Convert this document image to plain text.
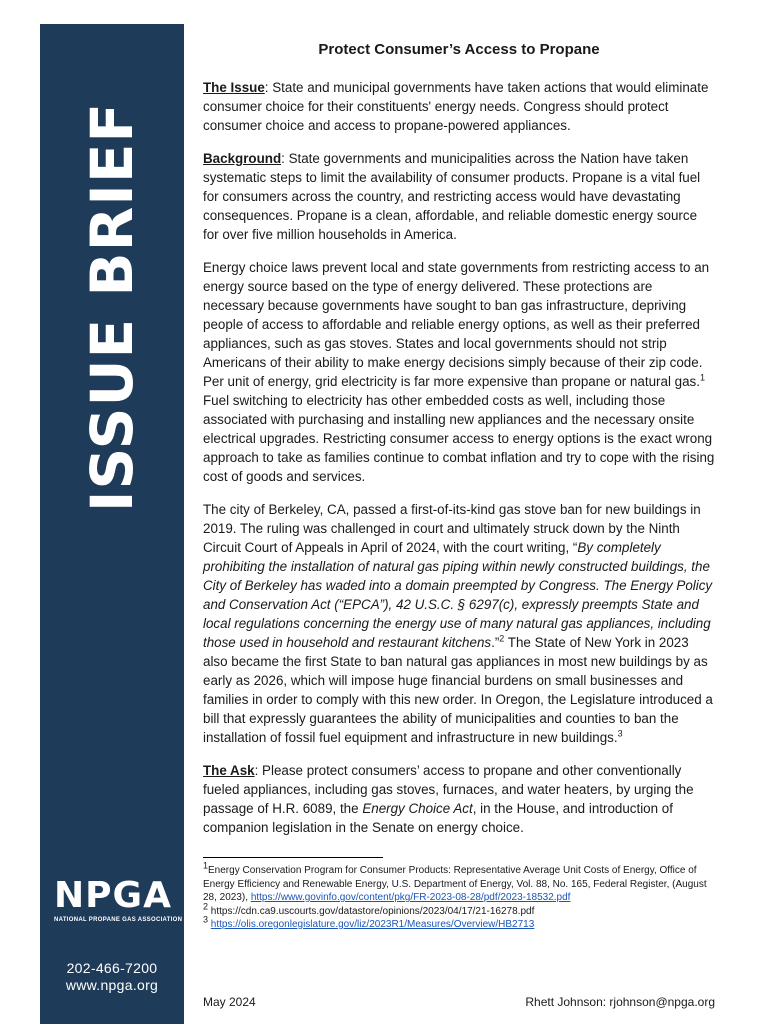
ISSUE BRIEF
NPGA
NATIONAL PROPANE GAS ASSOCIATION
202-466-7200
www.npga.org
Protect Consumer’s Access to Propane

The Issue: State and municipal governments have taken actions that would eliminate consumer choice for their constituents' energy needs. Congress should protect consumer choice and access to propane-powered appliances.

Background: State governments and municipalities across the Nation have taken systematic steps to limit the availability of consumer products. Propane is a vital fuel for consumers across the country, and restricting access would have devastating consequences. Propane is a clean, affordable, and reliable domestic energy source for over five million households in America.

Energy choice laws prevent local and state governments from restricting access to an energy source based on the type of energy delivered. These protections are necessary because governments have sought to ban gas infrastructure, depriving people of access to affordable and reliable energy options, as well as their preferred appliances, such as gas stoves. States and local governments should not strip Americans of their ability to make energy decisions simply because of their zip code. Per unit of energy, grid electricity is far more expensive than propane or natural gas.$^1$ Fuel switching to electricity has other embedded costs as well, including those associated with purchasing and installing new appliances and the necessary onsite electrical upgrades. Restricting consumer access to energy options is the exact wrong approach to take as families continue to combat inflation and try to cope with the rising cost of goods and services.

The city of Berkeley, CA, passed a first-of-its-kind gas stove ban for new buildings in 2019. The ruling was challenged in court and ultimately struck down by the Ninth Circuit Court of Appeals in April of 2024, with the court writing, “By completely prohibiting the installation of natural gas piping within newly constructed buildings, the City of Berkeley has waded into a domain preempted by Congress. The Energy Policy and Conservation Act (“EPCA”), 42 U.S.C. § 6297(c), expressly preempts State and local regulations concerning the energy use of many natural gas appliances, including those used in household and restaurant kitchens.”$^2$ The State of New York in 2023 also became the first State to ban natural gas appliances in most new buildings by as early as 2026, which will impose huge financial burdens on small businesses and families in order to comply with this new order. In Oregon, the Legislature introduced a bill that expressly guarantees the ability of municipalities and counties to ban the installation of fossil fuel equipment and infrastructure in new buildings.$^3$

The Ask: Please protect consumers’ access to propane and other conventionally fueled appliances, including gas stoves, furnaces, and water heaters, by urging the passage of H.R. 6089, the Energy Choice Act, in the House, and introduction of companion legislation in the Senate on energy choice.

$^1$Energy Conservation Program for Consumer Products: Representative Average Unit Costs of Energy, Office of Energy Efficiency and Renewable Energy, U.S. Department of Energy, Vol. 88, No. 165, Federal Register, (August 28, 2023), https://www.govinfo.gov/content/pkg/FR-2023-08-28/pdf/2023-18532.pdf

$^2$ https://cdn.ca9.uscourts.gov/datastore/opinions/2023/04/17/21-16278.pdf

$^3$ https://olis.oregonlegislature.gov/liz/2023R1/Measures/Overview/HB2713

May 2024	Rhett Johnson: rjohnson@npga.org
